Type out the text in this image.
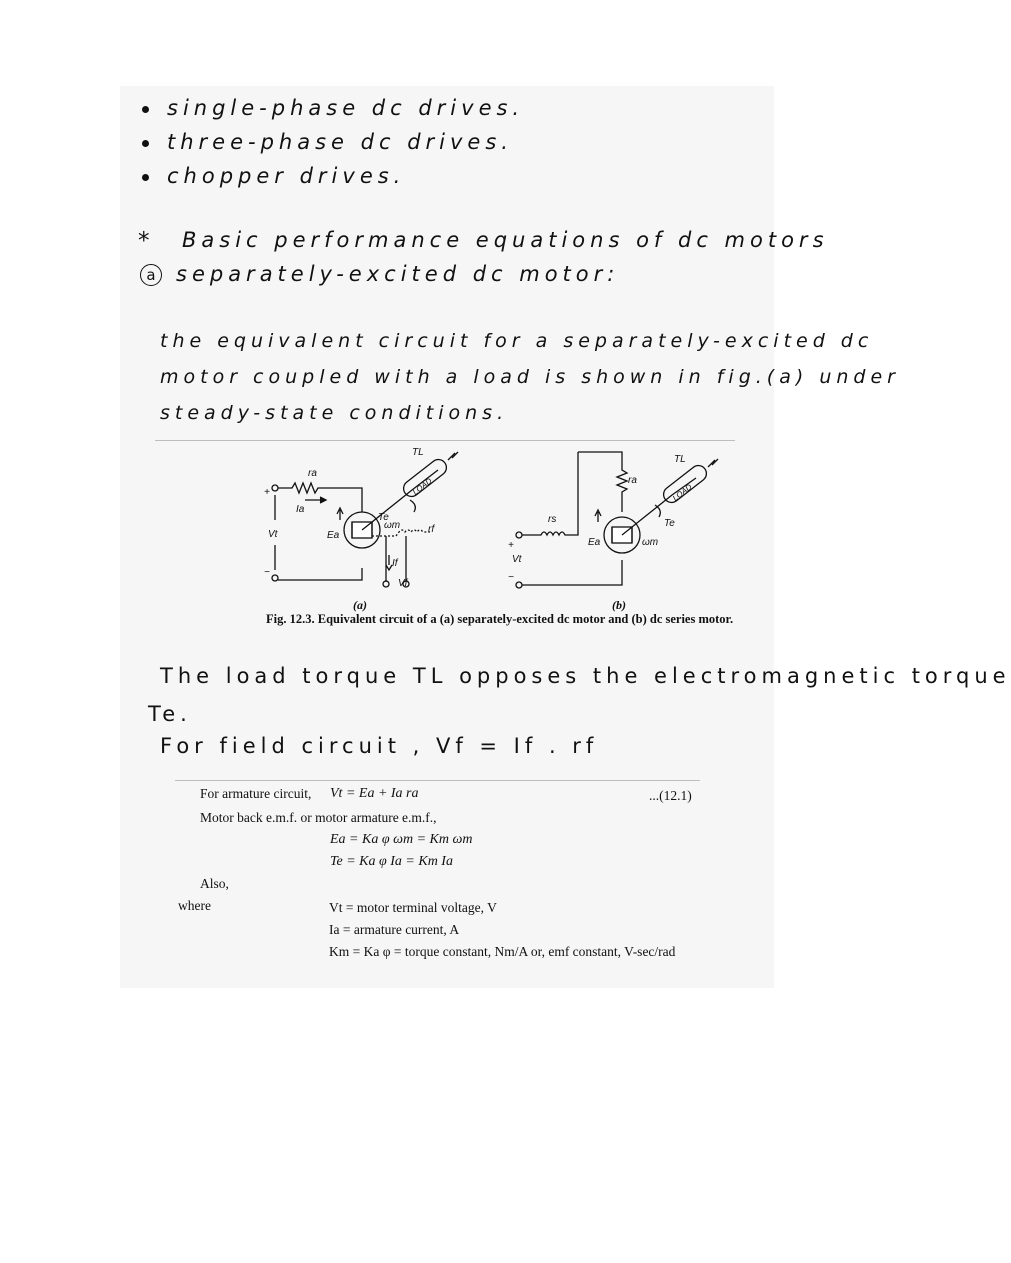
single-phase dc drives.
three-phase dc drives.
chopper drives.
* Basic performance equations of dc motors
a separately-excited dc motor:
the equivalent circuit for a separately-excited dc
motor coupled with a load is shown in fig.(a) under
steady-state conditions.
ra
Ia
Vt
+
−
Ea
TL
Te
ωm	rf
If
Vf
LOAD	ra
rs
Vt
+
−
Ea
TL
Te
ωm
LOAD
(a)	(b)
Fig. 12.3. Equivalent circuit of a (a) separately-excited dc motor and (b) dc series motor.
The load torque TL opposes the electromagnetic torque
Te.
For field circuit , Vf = If . rf
For armature circuit, Vt = Ea + Ia ra	...(12.1)
Motor back e.m.f. or motor armature e.m.f.,
Ea = Ka φ ωm = Km ωm
Te = Ka φ Ia = Km Ia
Also,
where	Vt = motor terminal voltage, V
Ia = armature current, A
Km = Ka φ = torque constant, Nm/A or, emf constant, V-sec/rad
